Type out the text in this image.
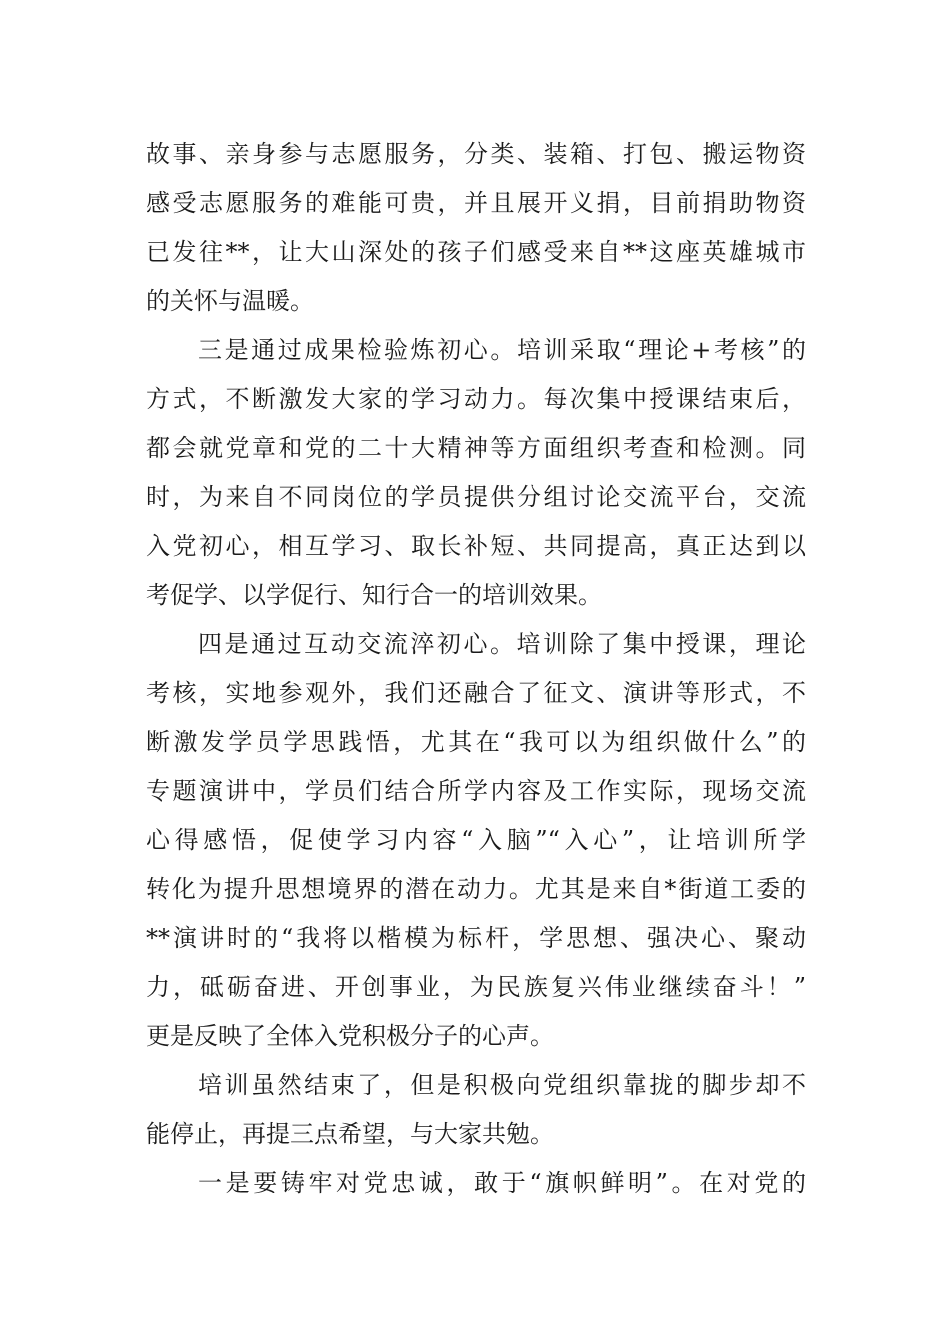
故事、亲身参与志愿服务，分类、装箱、打包、搬运物资
感受志愿服务的难能可贵，并且展开义捐，目前捐助物资
已发往**，让大山深处的孩子们感受来自**这座英雄城市
的关怀与温暖。
三是通过成果检验炼初心。培训采取“理论+考核”的
方式，不断激发大家的学习动力。每次集中授课结束后，
都会就党章和党的二十大精神等方面组织考查和检测。同
时，为来自不同岗位的学员提供分组讨论交流平台，交流
入党初心，相互学习、取长补短、共同提高，真正达到以
考促学、以学促行、知行合一的培训效果。
四是通过互动交流淬初心。培训除了集中授课，理论
考核，实地参观外，我们还融合了征文、演讲等形式，不
断激发学员学思践悟，尤其在“我可以为组织做什么”的
专题演讲中，学员们结合所学内容及工作实际，现场交流
心得感悟，促使学习内容“入脑”“入心”，让培训所学
转化为提升思想境界的潜在动力。尤其是来自*街道工委的
**演讲时的“我将以楷模为标杆，学思想、强决心、聚动
力，砥砺奋进、开创事业，为民族复兴伟业继续奋斗！”
更是反映了全体入党积极分子的心声。
培训虽然结束了，但是积极向党组织靠拢的脚步却不
能停止，再提三点希望，与大家共勉。
一是要铸牢对党忠诚，敢于“旗帜鲜明”。在对党的
